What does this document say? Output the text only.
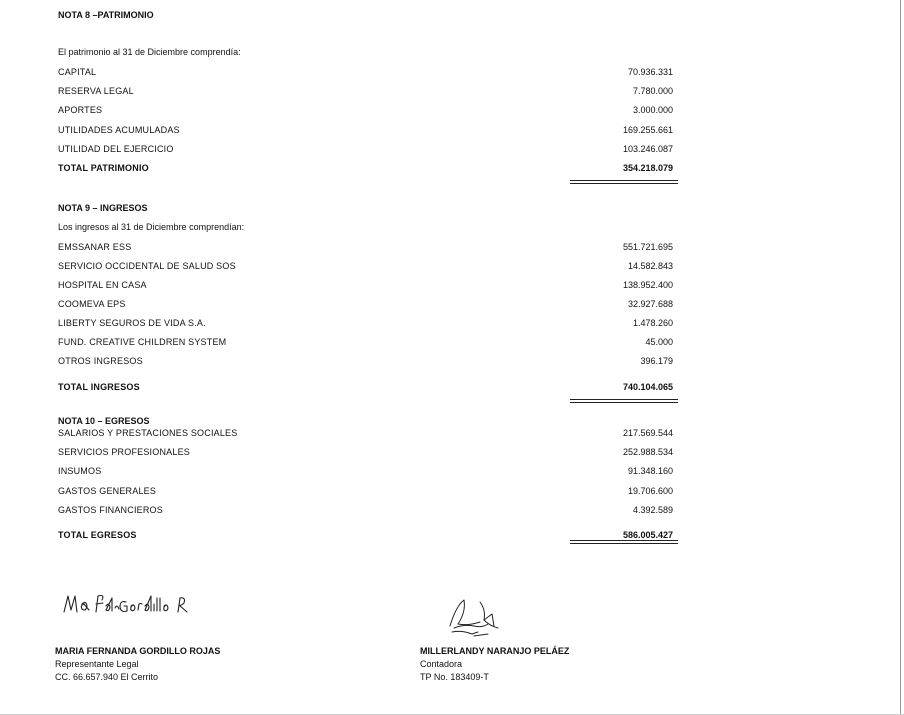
NOTA 8 –PATRIMONIO
El patrimonio al 31 de Diciembre comprendía:
CAPITAL	70.936.331
RESERVA LEGAL	7.780.000
APORTES	3.000.000
UTILIDADES ACUMULADAS	169.255.661
UTILIDAD DEL EJERCICIO	103.246.087
TOTAL PATRIMONIO	354.218.079
NOTA 9 – INGRESOS
Los ingresos al 31 de Diciembre comprendían:
EMSSANAR ESS	551.721.695
SERVICIO OCCIDENTAL DE SALUD SOS	14.582.843
HOSPITAL EN CASA	138.952.400
COOMEVA EPS	32.927.688
LIBERTY SEGUROS DE VIDA S.A.	1.478.260
FUND. CREATIVE CHILDREN SYSTEM	45.000
OTROS INGRESOS	396.179
TOTAL INGRESOS	740.104.065
NOTA 10 – EGRESOS
SALARIOS Y PRESTACIONES SOCIALES	217.569.544
SERVICIOS PROFESIONALES	252.988.534
INSUMOS	91.348.160
GASTOS GENERALES	19.706.600
GASTOS FINANCIEROS	4.392.589
TOTAL EGRESOS	586.005.427
MARIA FERNANDA GORDILLO ROJAS
Representante Legal
CC. 66.657.940 El Cerrito
MILLERLANDY NARANJO PELÁEZ
Contadora
TP No. 183409-T
